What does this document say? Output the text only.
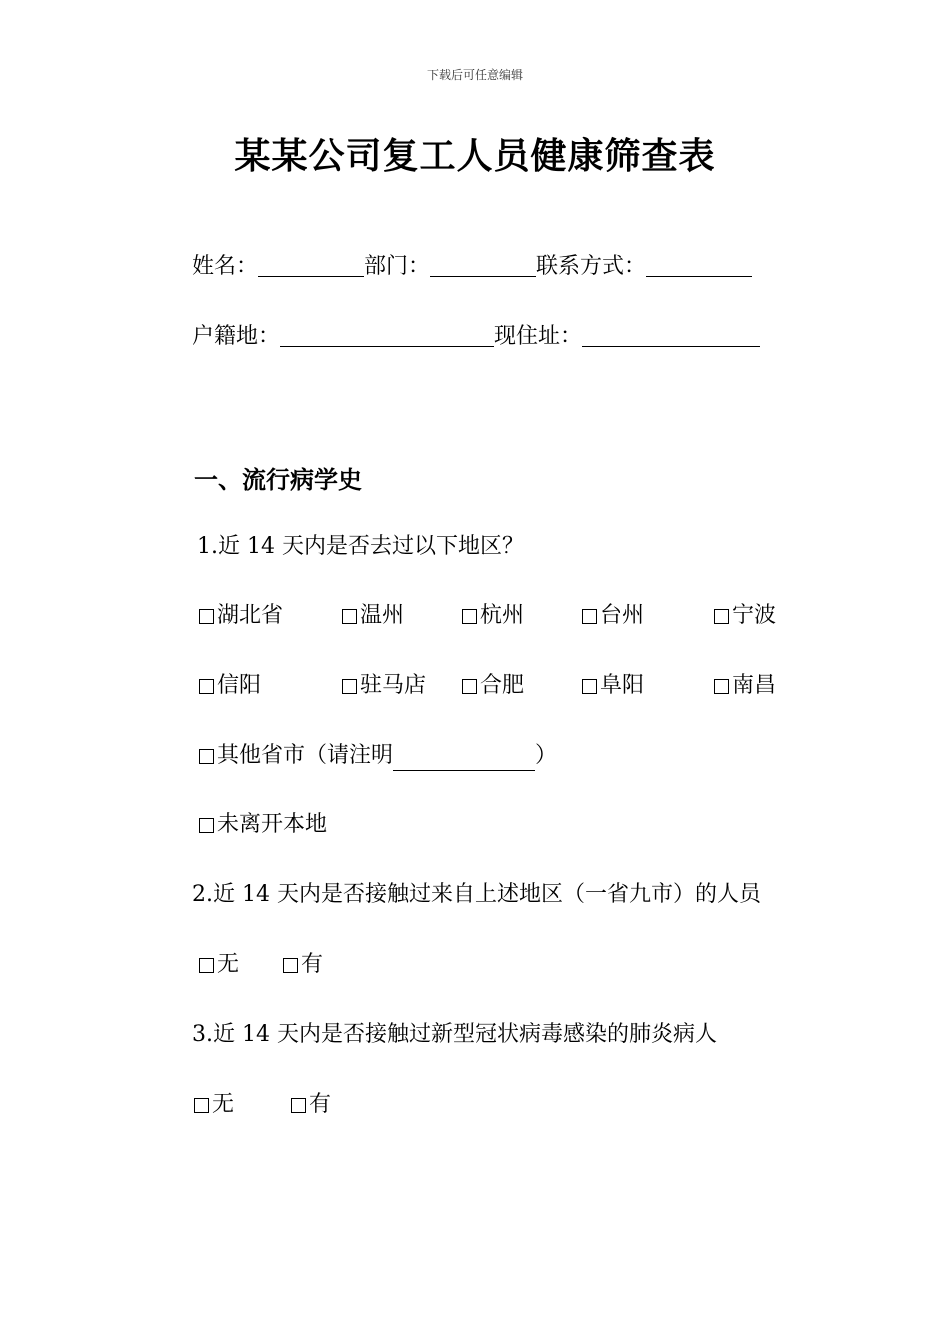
下载后可任意编辑
某某公司复工人员健康筛查表
姓名：	部门：	联系方式：
户籍地：	现住址：
一、流行病学史
1.近 14 天内是否去过以下地区？
湖北省	温州	杭州	台州	宁波
信阳	驻马店 合肥	阜阳	南昌
其他省市（请注明	）
未离开本地
2.近 14 天内是否接触过来自上述地区（一省九市）的人员
无	有
3.近 14 天内是否接触过新型冠状病毒感染的肺炎病人
无	有
